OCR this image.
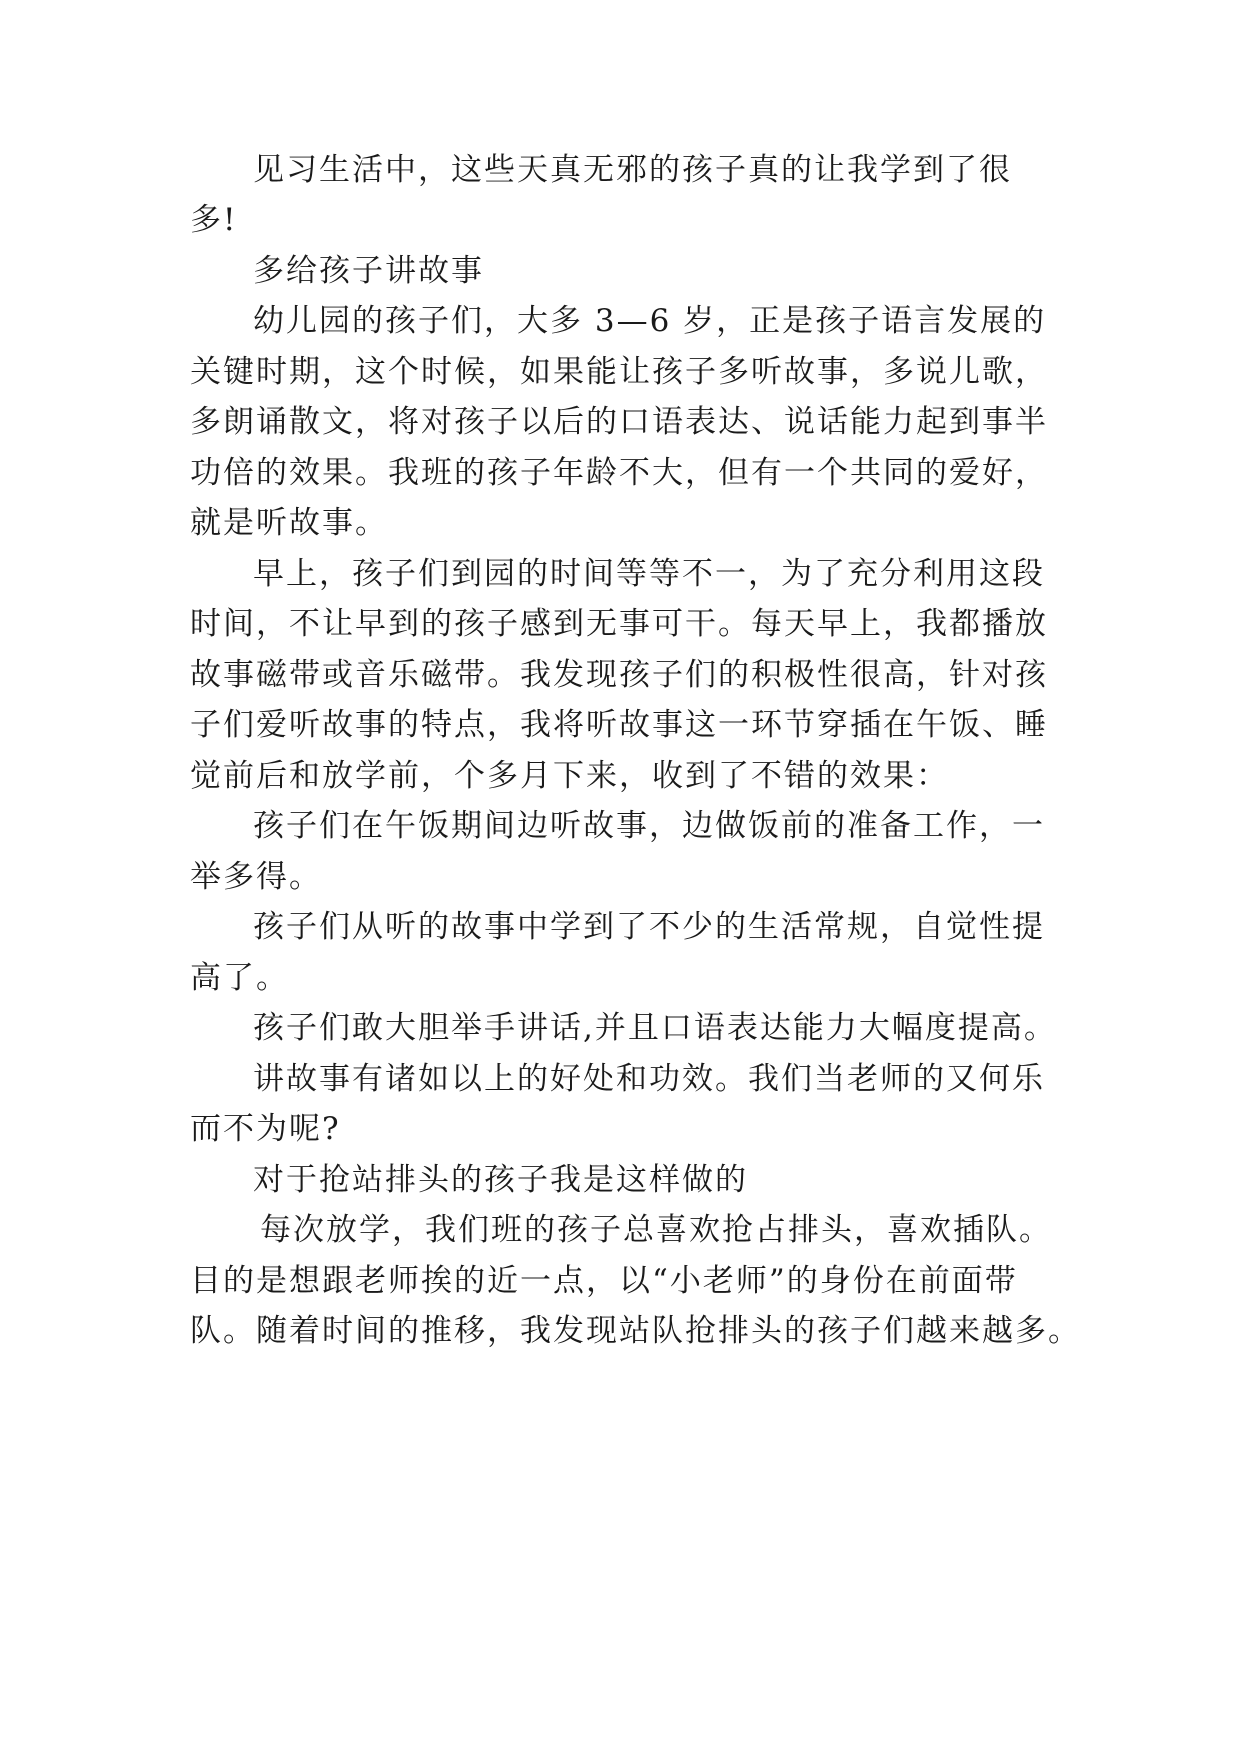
见习生活中，这些天真无邪的孩子真的让我学到了很
多!
多给孩子讲故事
幼儿园的孩子们，大多 3—6 岁，正是孩子语言发展的
关键时期，这个时候，如果能让孩子多听故事，多说儿歌，
多朗诵散文，将对孩子以后的口语表达、说话能力起到事半
功倍的效果。我班的孩子年龄不大，但有一个共同的爱好，
就是听故事。
早上，孩子们到园的时间等等不一，为了充分利用这段
时间，不让早到的孩子感到无事可干。每天早上，我都播放
故事磁带或音乐磁带。我发现孩子们的积极性很高，针对孩
子们爱听故事的特点，我将听故事这一环节穿插在午饭、睡
觉前后和放学前，个多月下来，收到了不错的效果：
孩子们在午饭期间边听故事，边做饭前的准备工作，一
举多得。
孩子们从听的故事中学到了不少的生活常规，自觉性提
高了。
孩子们敢大胆举手讲话,并且口语表达能力大幅度提高。
讲故事有诸如以上的好处和功效。我们当老师的又何乐
而不为呢?
对于抢站排头的孩子我是这样做的
每次放学，我们班的孩子总喜欢抢占排头，喜欢插队。
目的是想跟老师挨的近一点，以“小老师”的身份在前面带
队。随着时间的推移，我发现站队抢排头的孩子们越来越多。
